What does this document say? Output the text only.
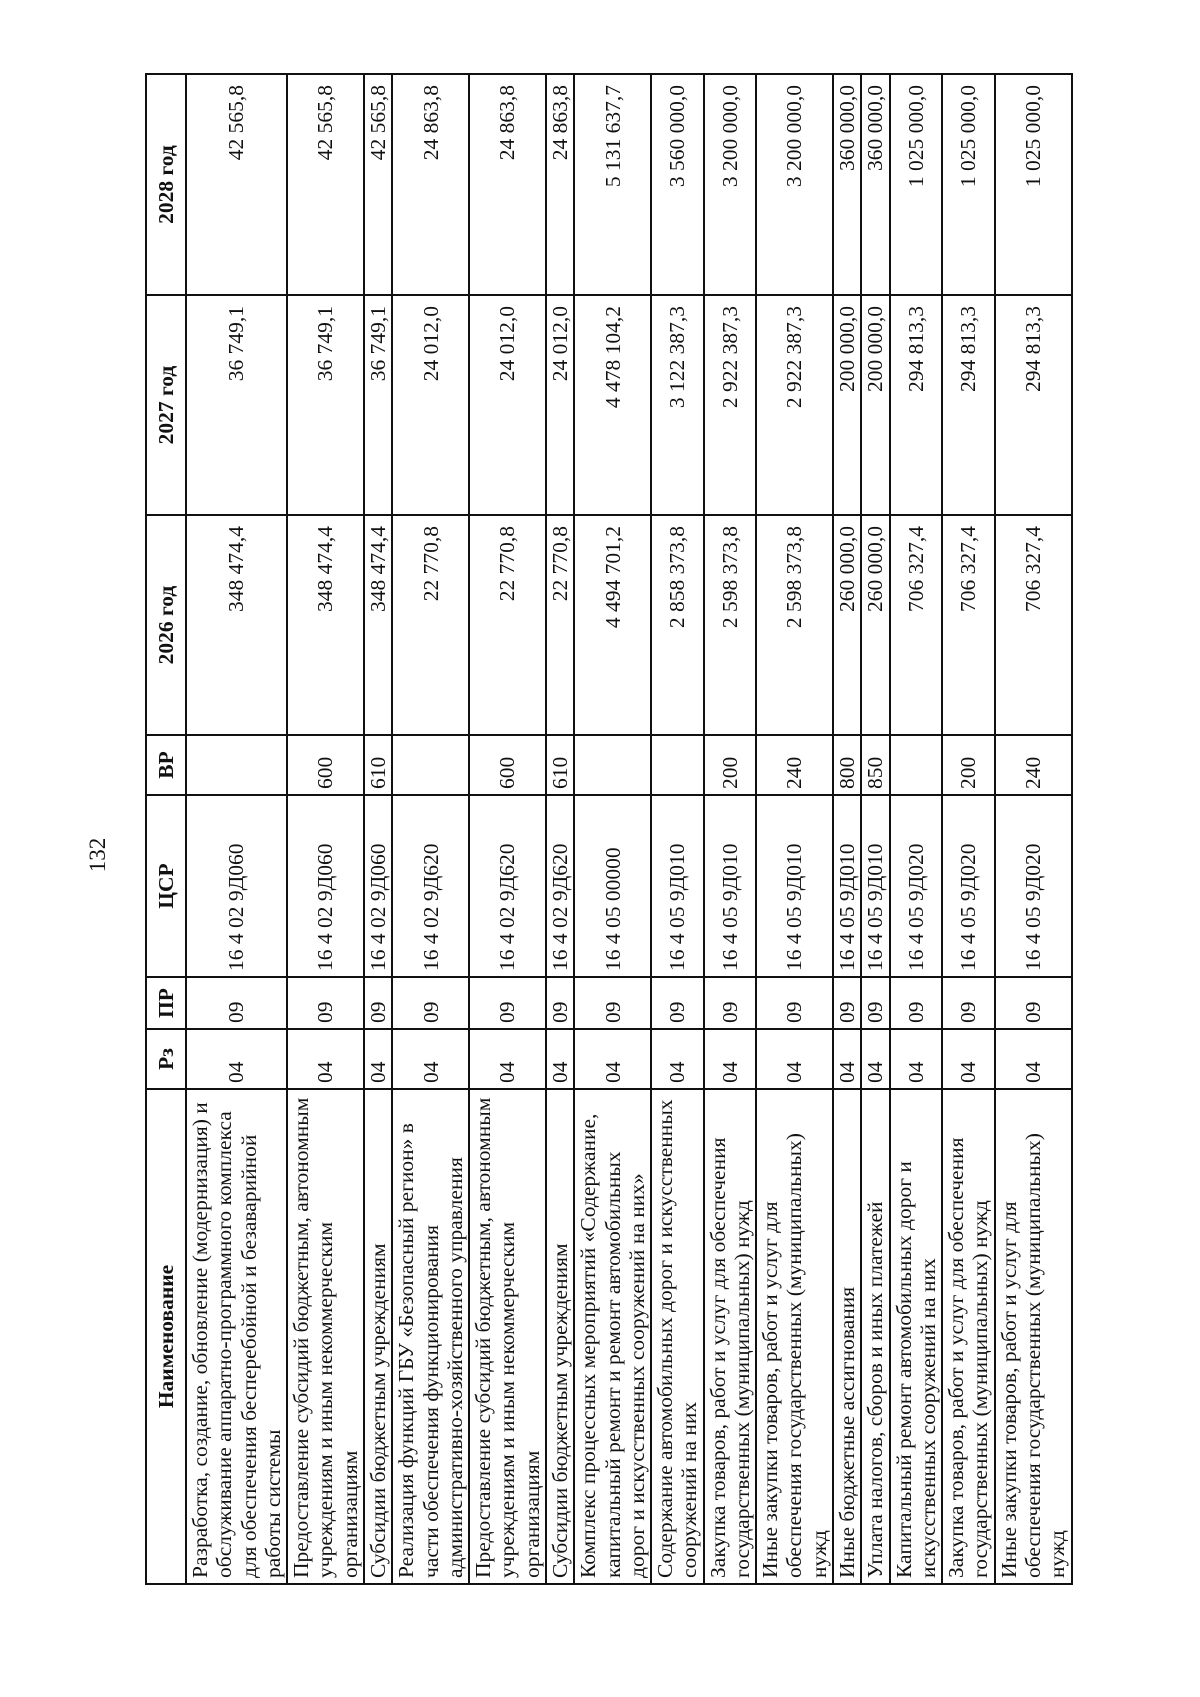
132
Наименование	Рз	ПР	ЦСР	ВР	2026 год	2027 год	2028 год
Разработка, создание, обновление (модернизация) и обслуживание аппаратно-программного комплекса для обеспечения бесперебойной и безаварийной работы системы	04	09	16 4 02 9Д060		348 474,4	36 749,1	42 565,8
Предоставление субсидий бюджетным, автономным учреждениям и иным некоммерческим организациям	04	09	16 4 02 9Д060	600	348 474,4	36 749,1	42 565,8
Субсидии бюджетным учреждениям	04	09	16 4 02 9Д060	610	348 474,4	36 749,1	42 565,8
Реализация функций ГБУ «Безопасный регион» в части обеспечения функционирования административно-хозяйственного управления	04	09	16 4 02 9Д620		22 770,8	24 012,0	24 863,8
Предоставление субсидий бюджетным, автономным учреждениям и иным некоммерческим организациям	04	09	16 4 02 9Д620	600	22 770,8	24 012,0	24 863,8
Субсидии бюджетным учреждениям	04	09	16 4 02 9Д620	610	22 770,8	24 012,0	24 863,8
Комплекс процессных мероприятий «Содержание, капитальный ремонт и ремонт автомобильных дорог и искусственных сооружений на них»	04	09	16 4 05 00000		4 494 701,2	4 478 104,2	5 131 637,7
Содержание автомобильных дорог и искусственных сооружений на них	04	09	16 4 05 9Д010		2 858 373,8	3 122 387,3	3 560 000,0
Закупка товаров, работ и услуг для обеспечения государственных (муниципальных) нужд	04	09	16 4 05 9Д010	200	2 598 373,8	2 922 387,3	3 200 000,0
Иные закупки товаров, работ и услуг для обеспечения государственных (муниципальных) нужд	04	09	16 4 05 9Д010	240	2 598 373,8	2 922 387,3	3 200 000,0
Иные бюджетные ассигнования	04	09	16 4 05 9Д010	800	260 000,0	200 000,0	360 000,0
Уплата налогов, сборов и иных платежей	04	09	16 4 05 9Д010	850	260 000,0	200 000,0	360 000,0
Капитальный ремонт автомобильных дорог и искусственных сооружений на них	04	09	16 4 05 9Д020		706 327,4	294 813,3	1 025 000,0
Закупка товаров, работ и услуг для обеспечения государственных (муниципальных) нужд	04	09	16 4 05 9Д020	200	706 327,4	294 813,3	1 025 000,0
Иные закупки товаров, работ и услуг для обеспечения государственных (муниципальных) нужд	04	09	16 4 05 9Д020	240	706 327,4	294 813,3	1 025 000,0
